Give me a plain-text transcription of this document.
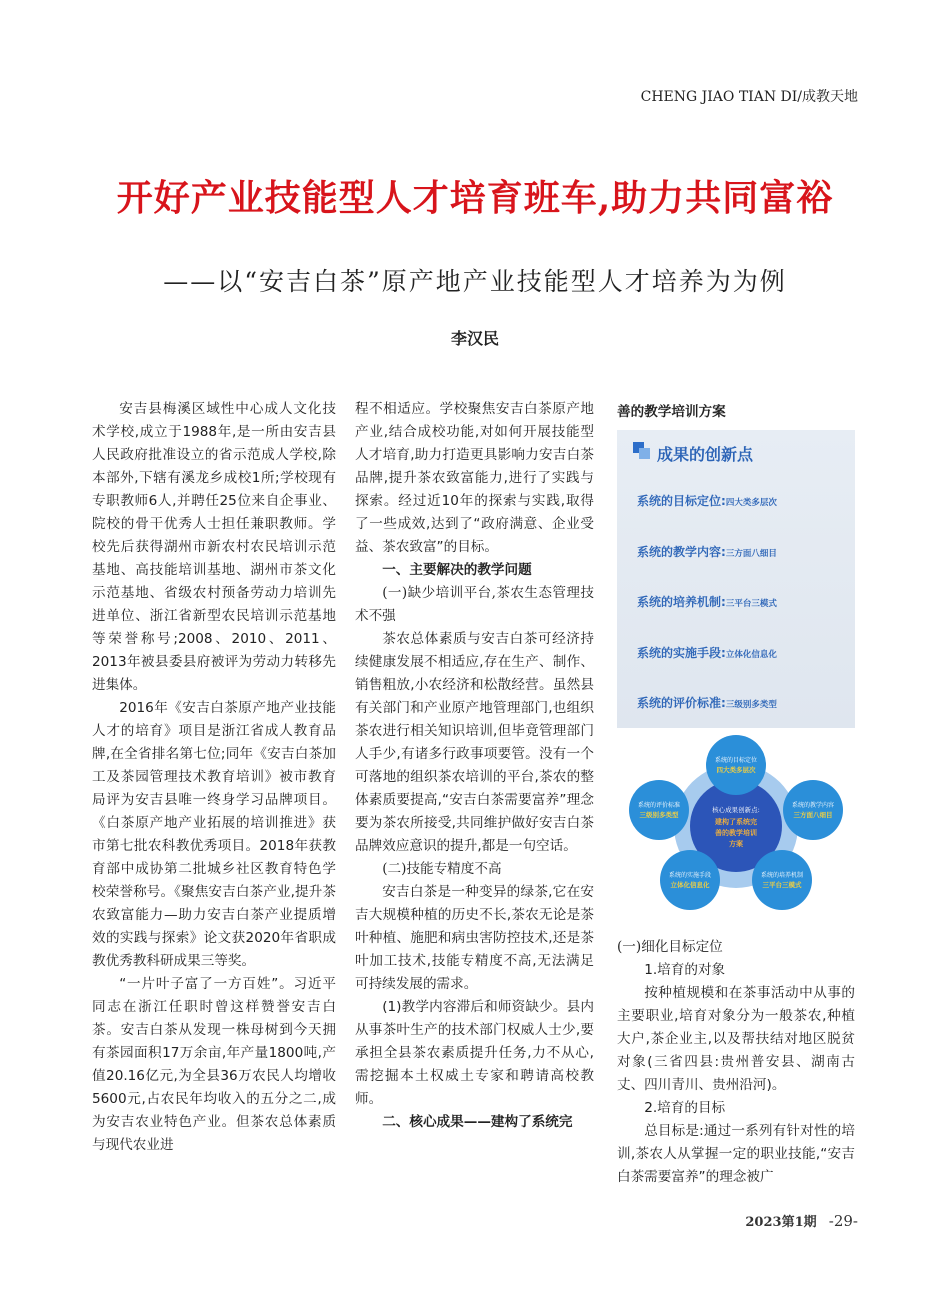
CHENG JIAO TIAN DI/成教天地
开好产业技能型人才培育班车,助力共同富裕
——以“安吉白茶”原产地产业技能型人才培养为为例
李汉民

安吉县梅溪区域性中心成人文化技术学校,成立于1988年,是一所由安吉县人民政府批准设立的省示范成人学校,除本部外,下辖有溪龙乡成校1所;学校现有专职教师6人,并聘任25位来自企事业、院校的骨干优秀人士担任兼职教师。学校先后获得湖州市新农村农民培训示范基地、高技能培训基地、湖州市茶文化示范基地、省级农村预备劳动力培训先进单位、浙江省新型农民培训示范基地等荣誉称号;2008、2010、2011、2013年被县委县府被评为劳动力转移先进集体。

2016年《安吉白茶原产地产业技能人才的培育》项目是浙江省成人教育品牌,在全省排名第七位;同年《安吉白茶加工及茶园管理技术教育培训》被市教育局评为安吉县唯一终身学习品牌项目。《白茶原产地产业拓展的培训推进》获市第七批农科教优秀项目。2018年获教育部中成协第二批城乡社区教育特色学校荣誉称号。《聚焦安吉白茶产业,提升茶农致富能力—助力安吉白茶产业提质增效的实践与探索》论文获2020年省职成教优秀教科研成果三等奖。

“一片叶子富了一方百姓”。习近平同志在浙江任职时曾这样赞誉安吉白茶。安吉白茶从发现一株母树到今天拥有茶园面积17万余亩,年产量1800吨,产值20.16亿元,为全县36万农民人均增收5600元,占农民年均收入的五分之二,成为安吉农业特色产业。但茶农总体素质与现代农业进

程不相适应。学校聚焦安吉白茶原产地产业,结合成校功能,对如何开展技能型人才培育,助力打造更具影响力安吉白茶品牌,提升茶农致富能力,进行了实践与探索。经过近10年的探索与实践,取得了一些成效,达到了“政府满意、企业受益、茶农致富”的目标。

一、主要解决的教学问题

(一)缺少培训平台,茶农生态管理技术不强

茶农总体素质与安吉白茶可经济持续健康发展不相适应,存在生产、制作、销售粗放,小农经济和松散经营。虽然县有关部门和产业原产地管理部门,也组织茶农进行相关知识培训,但毕竟管理部门人手少,有诸多行政事项要管。没有一个可落地的组织茶农培训的平台,茶农的整体素质要提高,“安吉白茶需要富养”理念要为茶农所接受,共同维护做好安吉白茶品牌效应意识的提升,都是一句空话。

(二)技能专精度不高

安吉白茶是一种变异的绿茶,它在安吉大规模种植的历史不长,茶农无论是茶叶种植、施肥和病虫害防控技术,还是茶叶加工技术,技能专精度不高,无法满足可持续发展的需求。

(1)教学内容滞后和师资缺少。县内从事茶叶生产的技术部门权威人士少,要承担全县茶农素质提升任务,力不从心,需挖掘本土权威土专家和聘请高校教师。

二、核心成果——建构了系统完

善的教学培训方案
成果的创新点
系统的目标定位:四大类多层次
系统的教学内容:三方面八细目
系统的培养机制:三平台三模式
系统的实施手段:立体化信息化
系统的评价标准:三级别多类型
核心成果创新点:
建构了系统完
善的教学培训
方案
系统的目标定位
四大类多层次
系统的教学内容
三方面八细目
系统的培养机制
三平台三模式
系统的实施手段
立体化信息化
系统的评价标准
三级别多类型

(一)细化目标定位

1.培育的对象

按种植规模和在茶事活动中从事的主要职业,培育对象分为一般茶农,种植大户,茶企业主,以及帮扶结对地区脱贫对象(三省四县:贵州普安县、湖南古丈、四川青川、贵州沿河)。

2.培育的目标

总目标是:通过一系列有针对性的培训,茶农人从掌握一定的职业技能,“安吉白茶需要富养”的理念被广

2023第1期 -29-
